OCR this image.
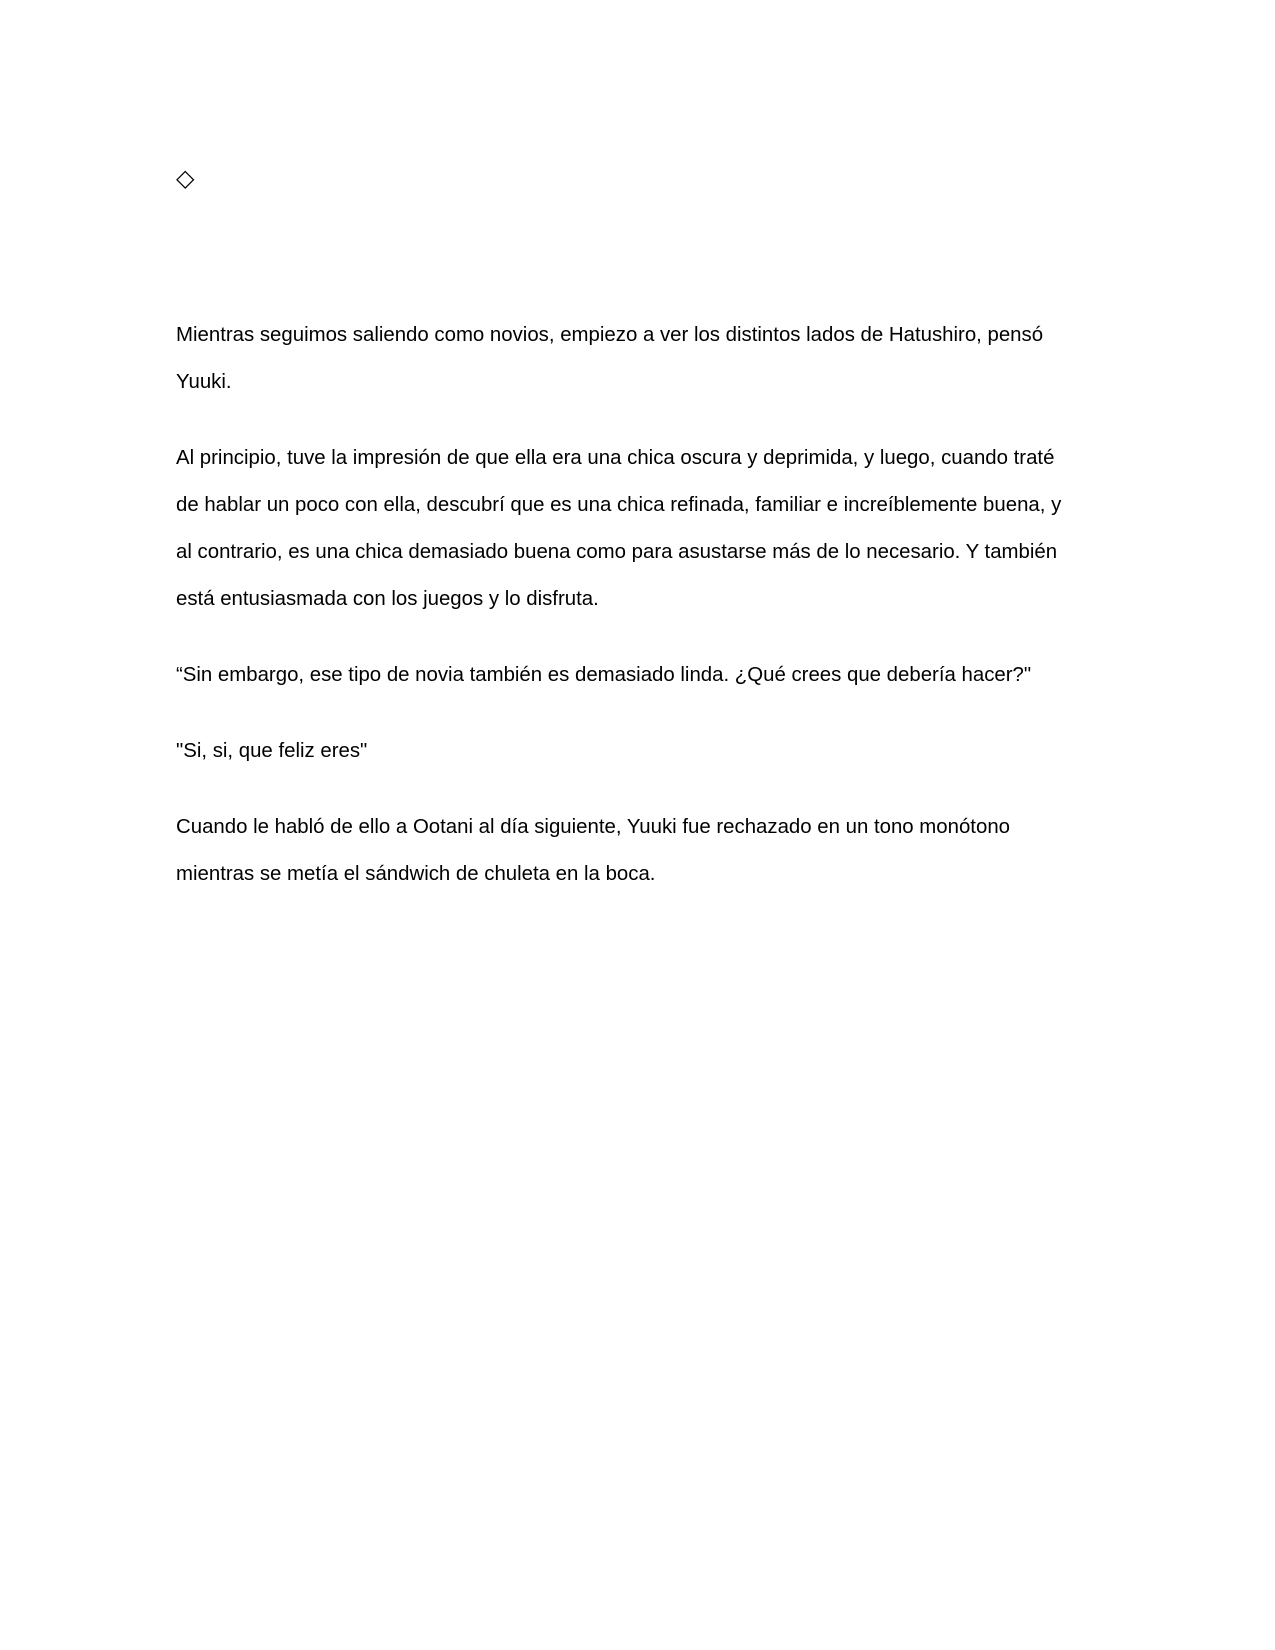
◇

Mientras seguimos saliendo como novios, empiezo a ver los distintos lados de Hatushiro, pensó
Yuuki.

Al principio, tuve la impresión de que ella era una chica oscura y deprimida, y luego, cuando traté
de hablar un poco con ella, descubrí que es una chica refinada, familiar e increíblemente buena, y
al contrario, es una chica demasiado buena como para asustarse más de lo necesario. Y también
está entusiasmada con los juegos y lo disfruta.

“Sin embargo, ese tipo de novia también es demasiado linda. ¿Qué crees que debería hacer?"

"Si, si, que feliz eres"

Cuando le habló de ello a Ootani al día siguiente, Yuuki fue rechazado en un tono monótono
mientras se metía el sándwich de chuleta en la boca.
